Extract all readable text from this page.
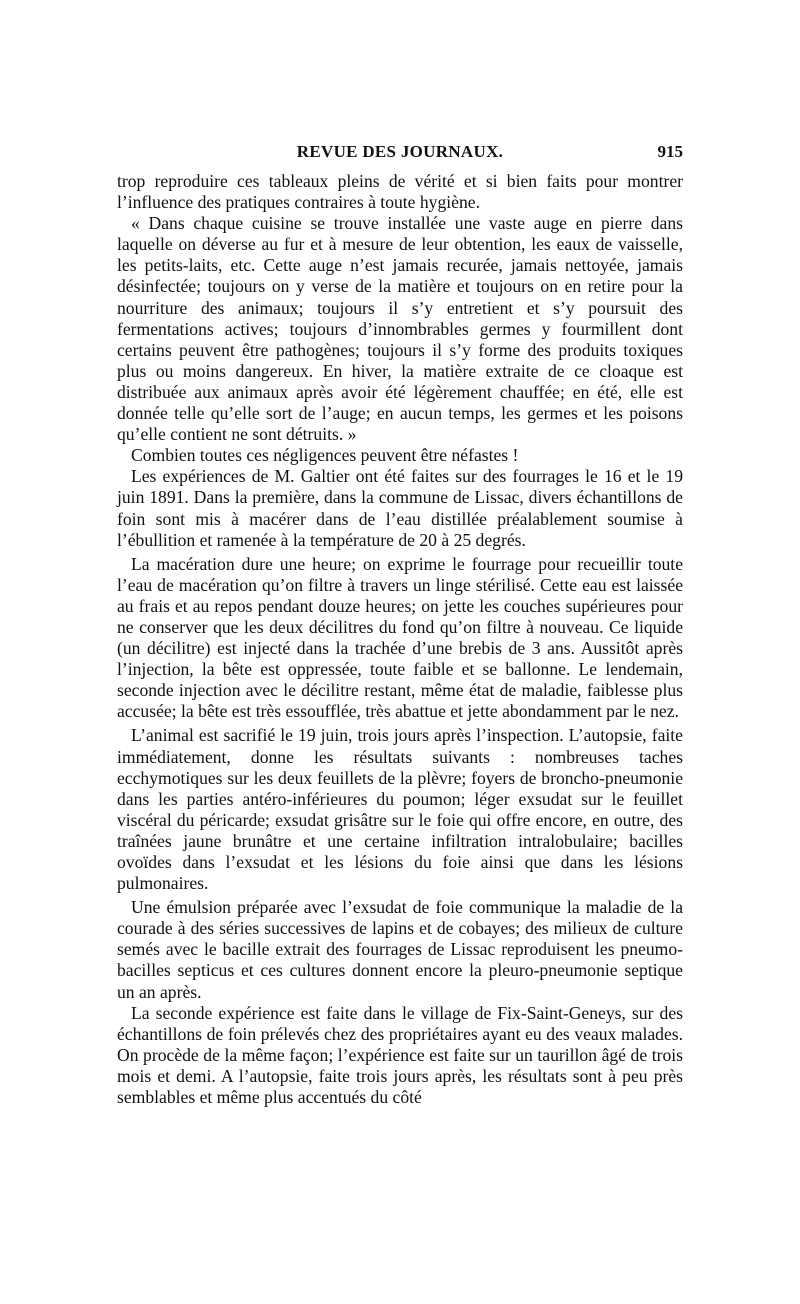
REVUE DES JOURNAUX.	915

trop reproduire ces tableaux pleins de vérité et si bien faits pour montrer l’influence des pratiques contraires à toute hygiène.

« Dans chaque cuisine se trouve installée une vaste auge en pierre dans laquelle on déverse au fur et à mesure de leur obtention, les eaux de vaisselle, les petits-laits, etc. Cette auge n’est jamais recurée, jamais nettoyée, jamais désinfectée; toujours on y verse de la matière et toujours on en retire pour la nourriture des animaux; toujours il s’y entretient et s’y poursuit des fermentations actives; toujours d’innombrables germes y fourmillent dont certains peuvent être pathogènes; toujours il s’y forme des produits toxiques plus ou moins dangereux. En hiver, la matière extraite de ce cloaque est distribuée aux animaux après avoir été légèrement chauffée; en été, elle est donnée telle qu’elle sort de l’auge; en aucun temps, les germes et les poisons qu’elle contient ne sont détruits. »

Combien toutes ces négligences peuvent être néfastes !

Les expériences de M. Galtier ont été faites sur des fourrages le 16 et le 19 juin 1891. Dans la première, dans la commune de Lissac, divers échantillons de foin sont mis à macérer dans de l’eau distillée préalablement soumise à l’ébullition et ramenée à la température de 20 à 25 degrés.

La macération dure une heure; on exprime le fourrage pour recueillir toute l’eau de macération qu’on filtre à travers un linge stérilisé. Cette eau est laissée au frais et au repos pendant douze heures; on jette les couches supérieures pour ne conserver que les deux décilitres du fond qu’on filtre à nouveau. Ce liquide (un décilitre) est injecté dans la trachée d’une brebis de 3 ans. Aussitôt après l’injection, la bête est oppressée, toute faible et se ballonne. Le lendemain, seconde injection avec le décilitre restant, même état de maladie, faiblesse plus accusée; la bête est très essoufflée, très abattue et jette abondamment par le nez.

L’animal est sacrifié le 19 juin, trois jours après l’inspection. L’autopsie, faite immédiatement, donne les résultats suivants : nombreuses taches ecchymotiques sur les deux feuillets de la plèvre; foyers de broncho-pneumonie dans les parties antéro-inférieures du poumon; léger exsudat sur le feuillet viscéral du péricarde; exsudat grisâtre sur le foie qui offre encore, en outre, des traînées jaune brunâtre et une certaine infiltration intralobulaire; bacilles ovoïdes dans l’exsudat et les lésions du foie ainsi que dans les lésions pulmonaires.

Une émulsion préparée avec l’exsudat de foie communique la maladie de la courade à des séries successives de lapins et de cobayes; des milieux de culture semés avec le bacille extrait des fourrages de Lissac reproduisent les pneumo-bacilles septicus et ces cultures donnent encore la pleuro-pneumonie septique un an après.

La seconde expérience est faite dans le village de Fix-Saint-Geneys, sur des échantillons de foin prélevés chez des propriétaires ayant eu des veaux malades. On procède de la même façon; l’expérience est faite sur un taurillon âgé de trois mois et demi. A l’autopsie, faite trois jours après, les résultats sont à peu près semblables et même plus accentués du côté
